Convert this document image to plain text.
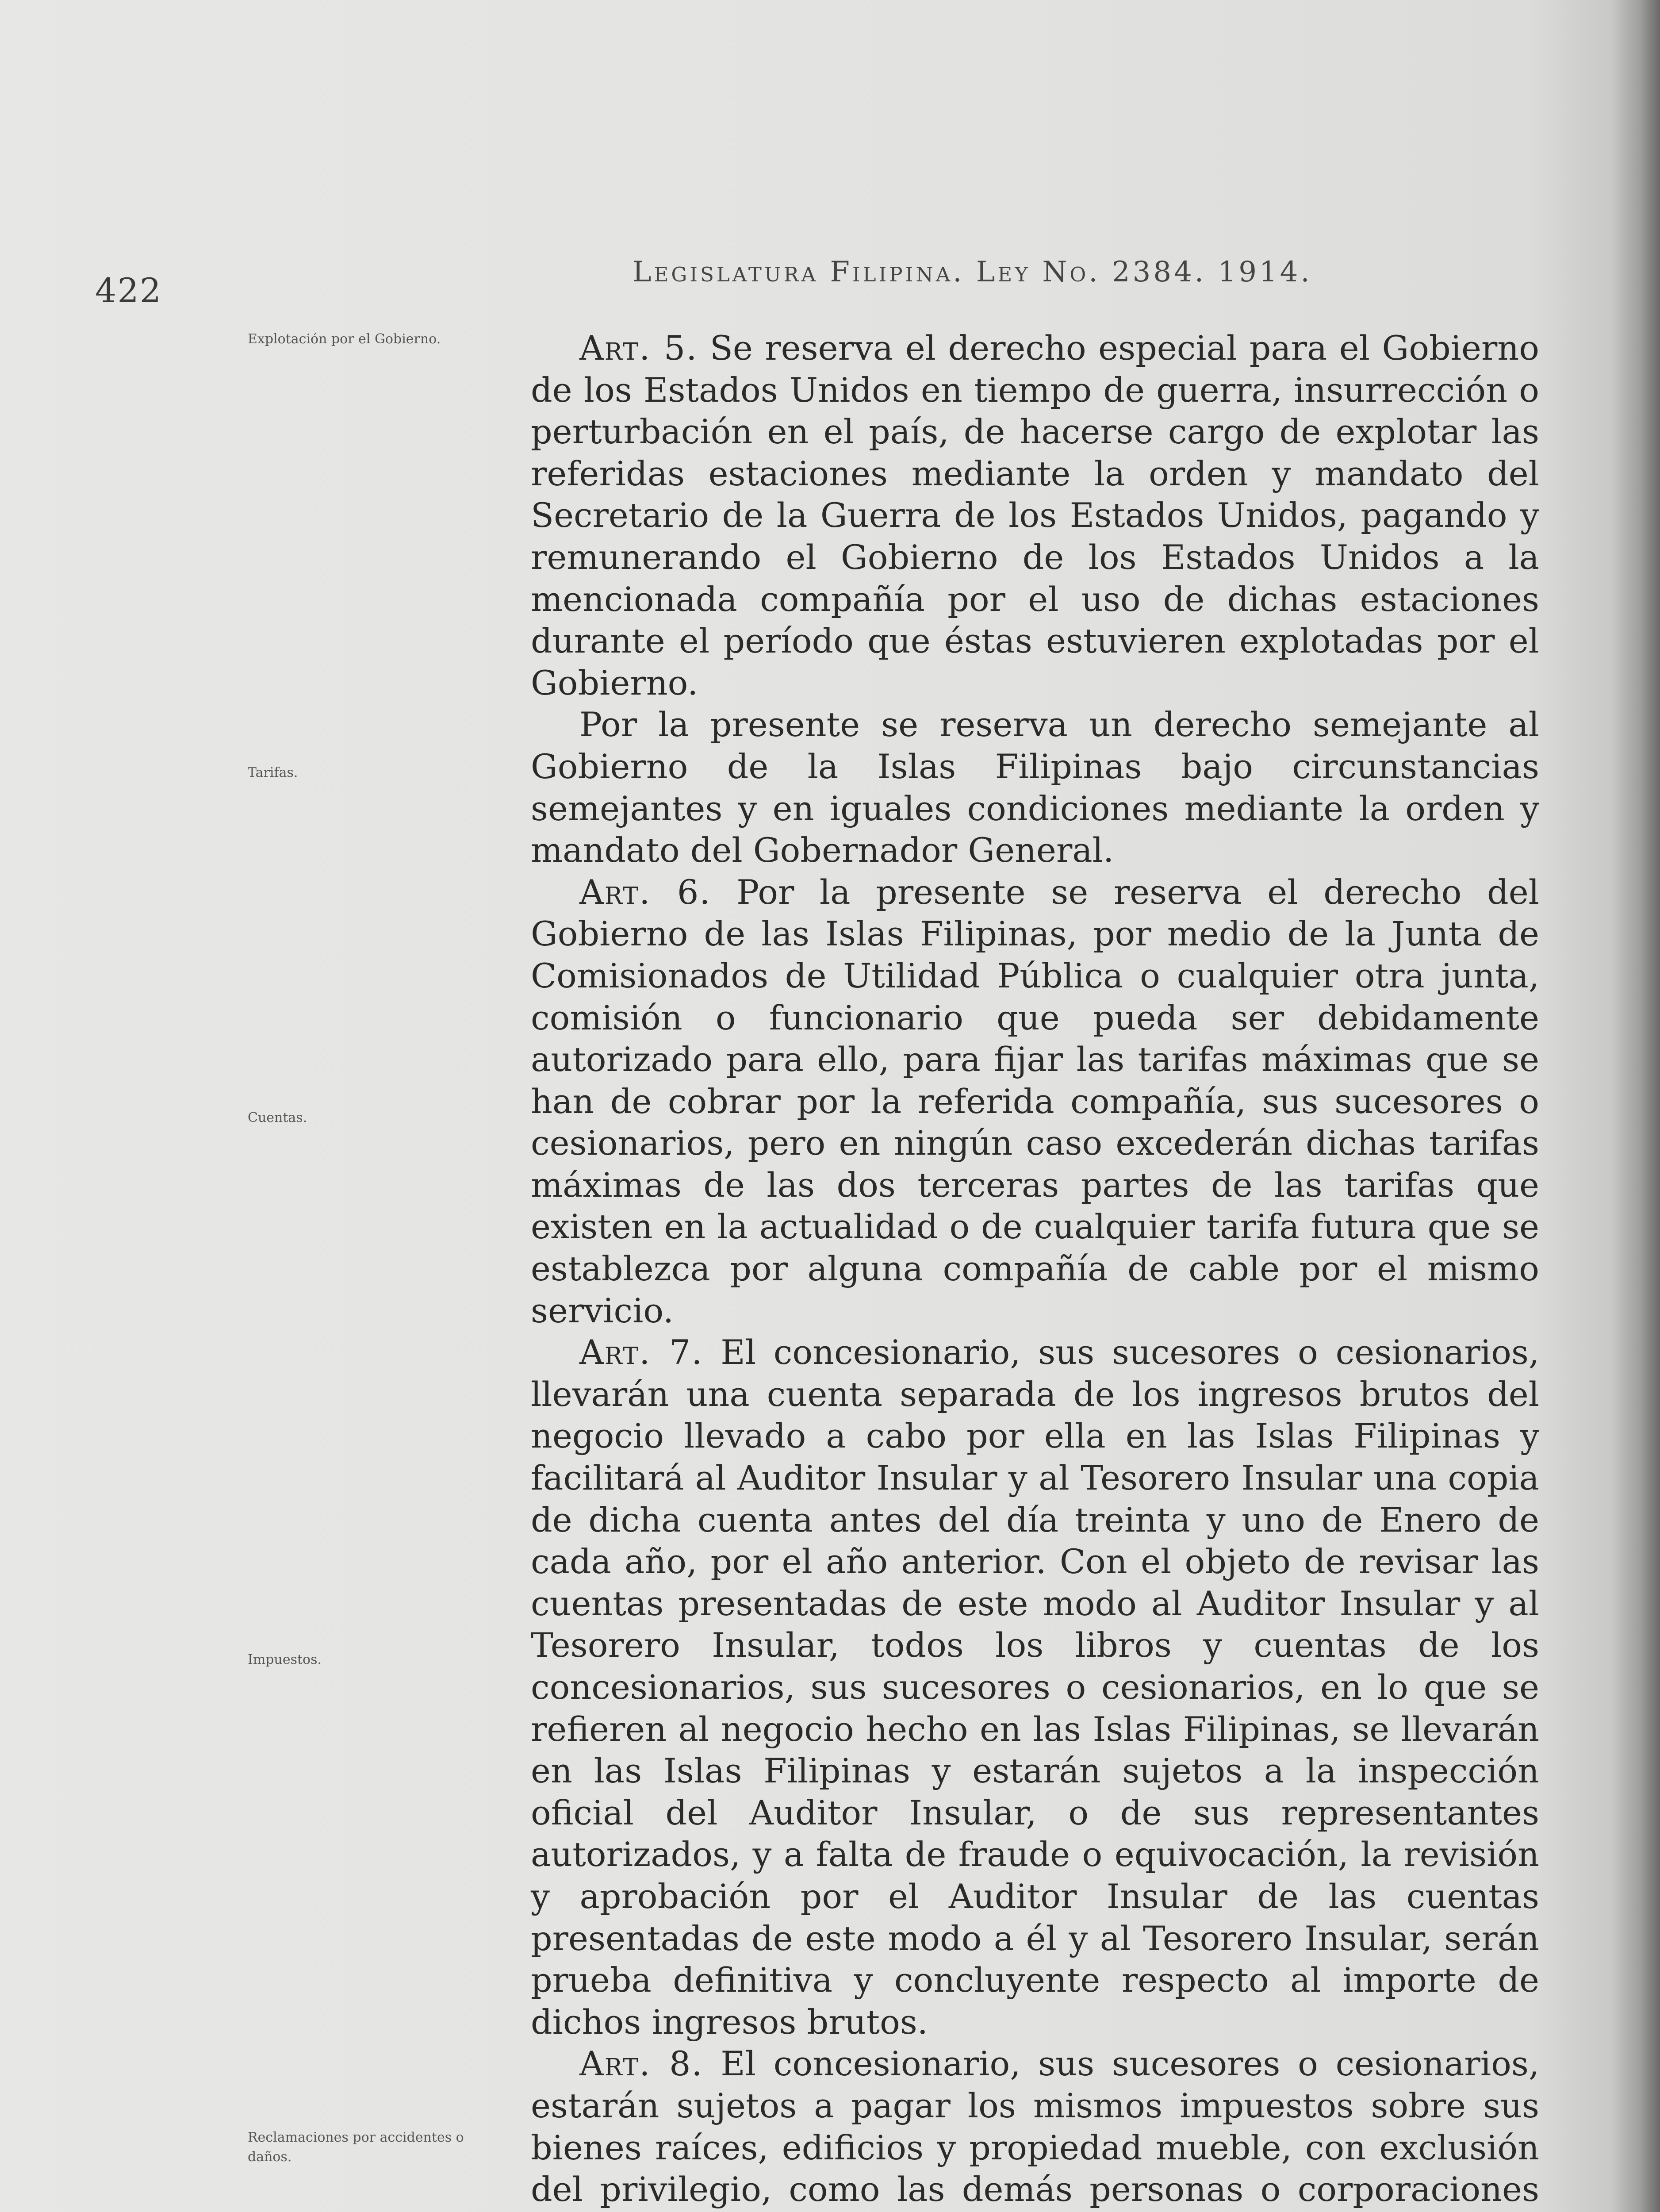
422	Legislatura Filipina. Ley No. 2384. 1914.
Explotación por el Gobierno.
Tarifas.
Cuentas.
Impuestos.
Reclamaciones por accidentes o daños.

Art. 5. Se reserva el derecho especial para el Gobierno de los Estados Unidos en tiempo de guerra, insurrección o perturbación en el país, de hacerse cargo de explotar las referidas estaciones mediante la orden y mandato del Secretario de la Guerra de los Estados Unidos, pagando y remunerando el Gobierno de los Estados Unidos a la mencionada compañía por el uso de dichas estaciones durante el período que éstas estuvieren explotadas por el Gobierno.

Por la presente se reserva un derecho semejante al Gobierno de la Islas Filipinas bajo circunstancias semejantes y en iguales condiciones mediante la orden y mandato del Gobernador General.

Art. 6. Por la presente se reserva el derecho del Gobierno de las Islas Filipinas, por medio de la Junta de Comisionados de Utilidad Pública o cualquier otra junta, comisión o funcionario que pueda ser debidamente autorizado para ello, para fijar las tarifas máximas que se han de cobrar por la referida compañía, sus sucesores o cesionarios, pero en ningún caso excederán dichas tarifas máximas de las dos terceras partes de las tarifas que existen en la actualidad o de cualquier tarifa futura que se establezca por alguna compañía de cable por el mismo servicio.

Art. 7. El concesionario, sus sucesores o cesionarios, llevarán una cuenta separada de los ingresos brutos del negocio llevado a cabo por ella en las Islas Filipinas y facilitará al Auditor Insular y al Tesorero Insular una copia de dicha cuenta antes del día treinta y uno de Enero de cada año, por el año anterior. Con el objeto de revisar las cuentas presentadas de este modo al Auditor Insular y al Tesorero Insular, todos los libros y cuentas de los concesionarios, sus sucesores o cesionarios, en lo que se refieren al negocio hecho en las Islas Filipinas, se llevarán en las Islas Filipinas y estarán sujetos a la inspección oficial del Auditor Insular, o de sus representantes autorizados, y a falta de fraude o equivocación, la revisión y aprobación por el Auditor Insular de las cuentas presentadas de este modo a él y al Tesorero Insular, serán prueba definitiva y concluyente respecto al importe de dichos ingresos brutos.

Art. 8. El concesionario, sus sucesores o cesionarios, estarán sujetos a pagar los mismos impuestos sobre sus bienes raíces, edificios y propiedad mueble, con exclusión del privilegio, como las demás personas o corporaciones
